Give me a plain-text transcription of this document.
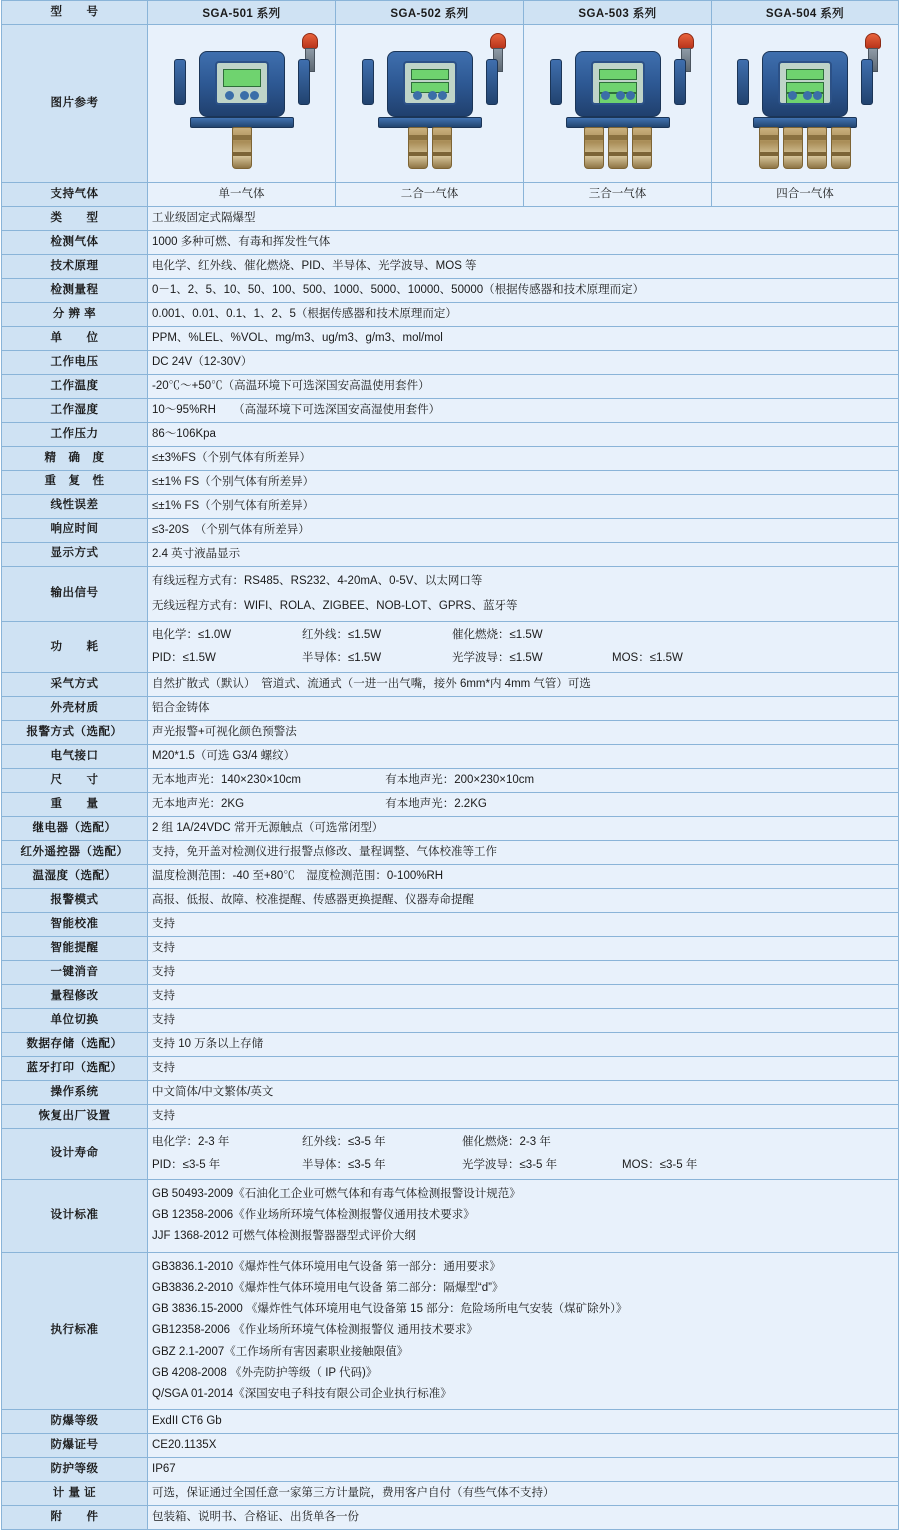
型　　号	SGA-501 系列	SGA-502 系列	SGA-503 系列	SGA-504 系列
图片参考	

支持气体	单一气体	二合一气体	三合一气体	四合一气体
类　　型	工业级固定式隔爆型			
检测气体	1000 多种可燃、有毒和挥发性气体			
技术原理	电化学、红外线、催化燃烧、PID、半导体、光学波导、MOS 等			
检测量程	0－1、2、5、10、50、100、500、1000、5000、10000、50000（根据传感器和技术原理而定）			
分 辨 率	0.001、0.01、0.1、1、2、5（根据传感器和技术原理而定）			
单　　位	PPM、%LEL、%VOL、mg/m3、ug/m3、g/m3、mol/mol			
工作电压	DC 24V（12-30V）			
工作温度	-20℃～+50℃（高温环境下可选深国安高温使用套件）			
工作湿度	10～95%RH　　（高湿环境下可选深国安高湿使用套件）			
工作压力	86～106Kpa			
精　确　度	≤±3%FS（个别气体有所差异）			
重　复　性	≤±1% FS（个别气体有所差异）			
线性误差	≤±1% FS（个别气体有所差异）			
响应时间	≤3-20S　（个别气体有所差异）			
显示方式	2.4 英寸液晶显示			
输出信号	有线远程方式有：RS485、RS232、4-20mA、0-5V、以太网口等
无线远程方式有：WIFI、ROLA、ZIGBEE、NOB-LOT、GPRS、蓝牙等			

功　　耗	
电化学：≤1.0W	红外线：≤1.5W	催化燃烧：≤1.5W
PID：≤1.5W	半导体：≤1.5W	光学波导：≤1.5W	MOS：≤1.5W

采气方式	自然扩散式（默认）　管道式、流通式（一进一出气嘴，接外 6mm*内 4mm 气管）可选			
外壳材质	铝合金铸体			
报警方式（选配）	声光报警+可视化颜色预警法			
电气接口	M20*1.5（可选 G3/4 螺纹）			
尺　　寸	无本地声光：140×230×10cm 有本地声光：200×230×10cm			

重　　量	无本地声光：2KG 有本地声光：2.2KG			

继电器（选配）	2 组 1A/24VDC 常开无源触点（可选常闭型）			
红外遥控器（选配）	支持，免开盖对检测仪进行报警点修改、量程调整、气体校准等工作			
温湿度（选配）	温度检测范围：-40 至+80℃　湿度检测范围：0-100%RH			
报警模式	高报、低报、故障、校准提醒、传感器更换提醒、仪器寿命提醒			
智能校准	支持			
智能提醒	支持			
一键消音	支持			
量程修改	支持			
单位切换	支持			
数据存储（选配）	支持 10 万条以上存储			
蓝牙打印（选配）	支持			
操作系统	中文简体/中文繁体/英文			
恢复出厂设置	支持			
设计寿命	
电化学：2-3 年	红外线：≤3-5 年	催化燃烧：2-3 年
PID：≤3-5 年	半导体：≤3-5 年	光学波导：≤3-5 年	MOS：≤3-5 年

设计标准	GB 50493-2009《石油化工企业可燃气体和有毒气体检测报警设计规范》
GB 12358-2006《作业场所环境气体检测报警仪通用技术要求》
JJF 1368-2012 可燃气体检测报警器器型式评价大纲			

执行标准	
GB3836.1-2010《爆炸性气体环境用电气设备 第一部分：通用要求》
GB3836.2-2010《爆炸性气体环境用电气设备 第二部分：隔爆型“d”》
GB 3836.15-2000 《爆炸性气体环境用电气设备第 15 部分：危险场所电气安装（煤矿除外）》
GB12358-2006 《作业场所环境气体检测报警仪 通用技术要求》
GBZ 2.1-2007《工作场所有害因素职业接触限值》
GB 4208-2008 《外壳防护等级（ IP 代码)》
Q/SGA 01-2014《深国安电子科技有限公司企业执行标准》

防爆等级	ExdII CT6 Gb			
防爆证号	CE20.1135X			
防护等级	IP67			
计 量 证	可选，保证通过全国任意一家第三方计量院，费用客户自付（有些气体不支持）			
附　　件	包装箱、说明书、合格证、出货单各一份			
